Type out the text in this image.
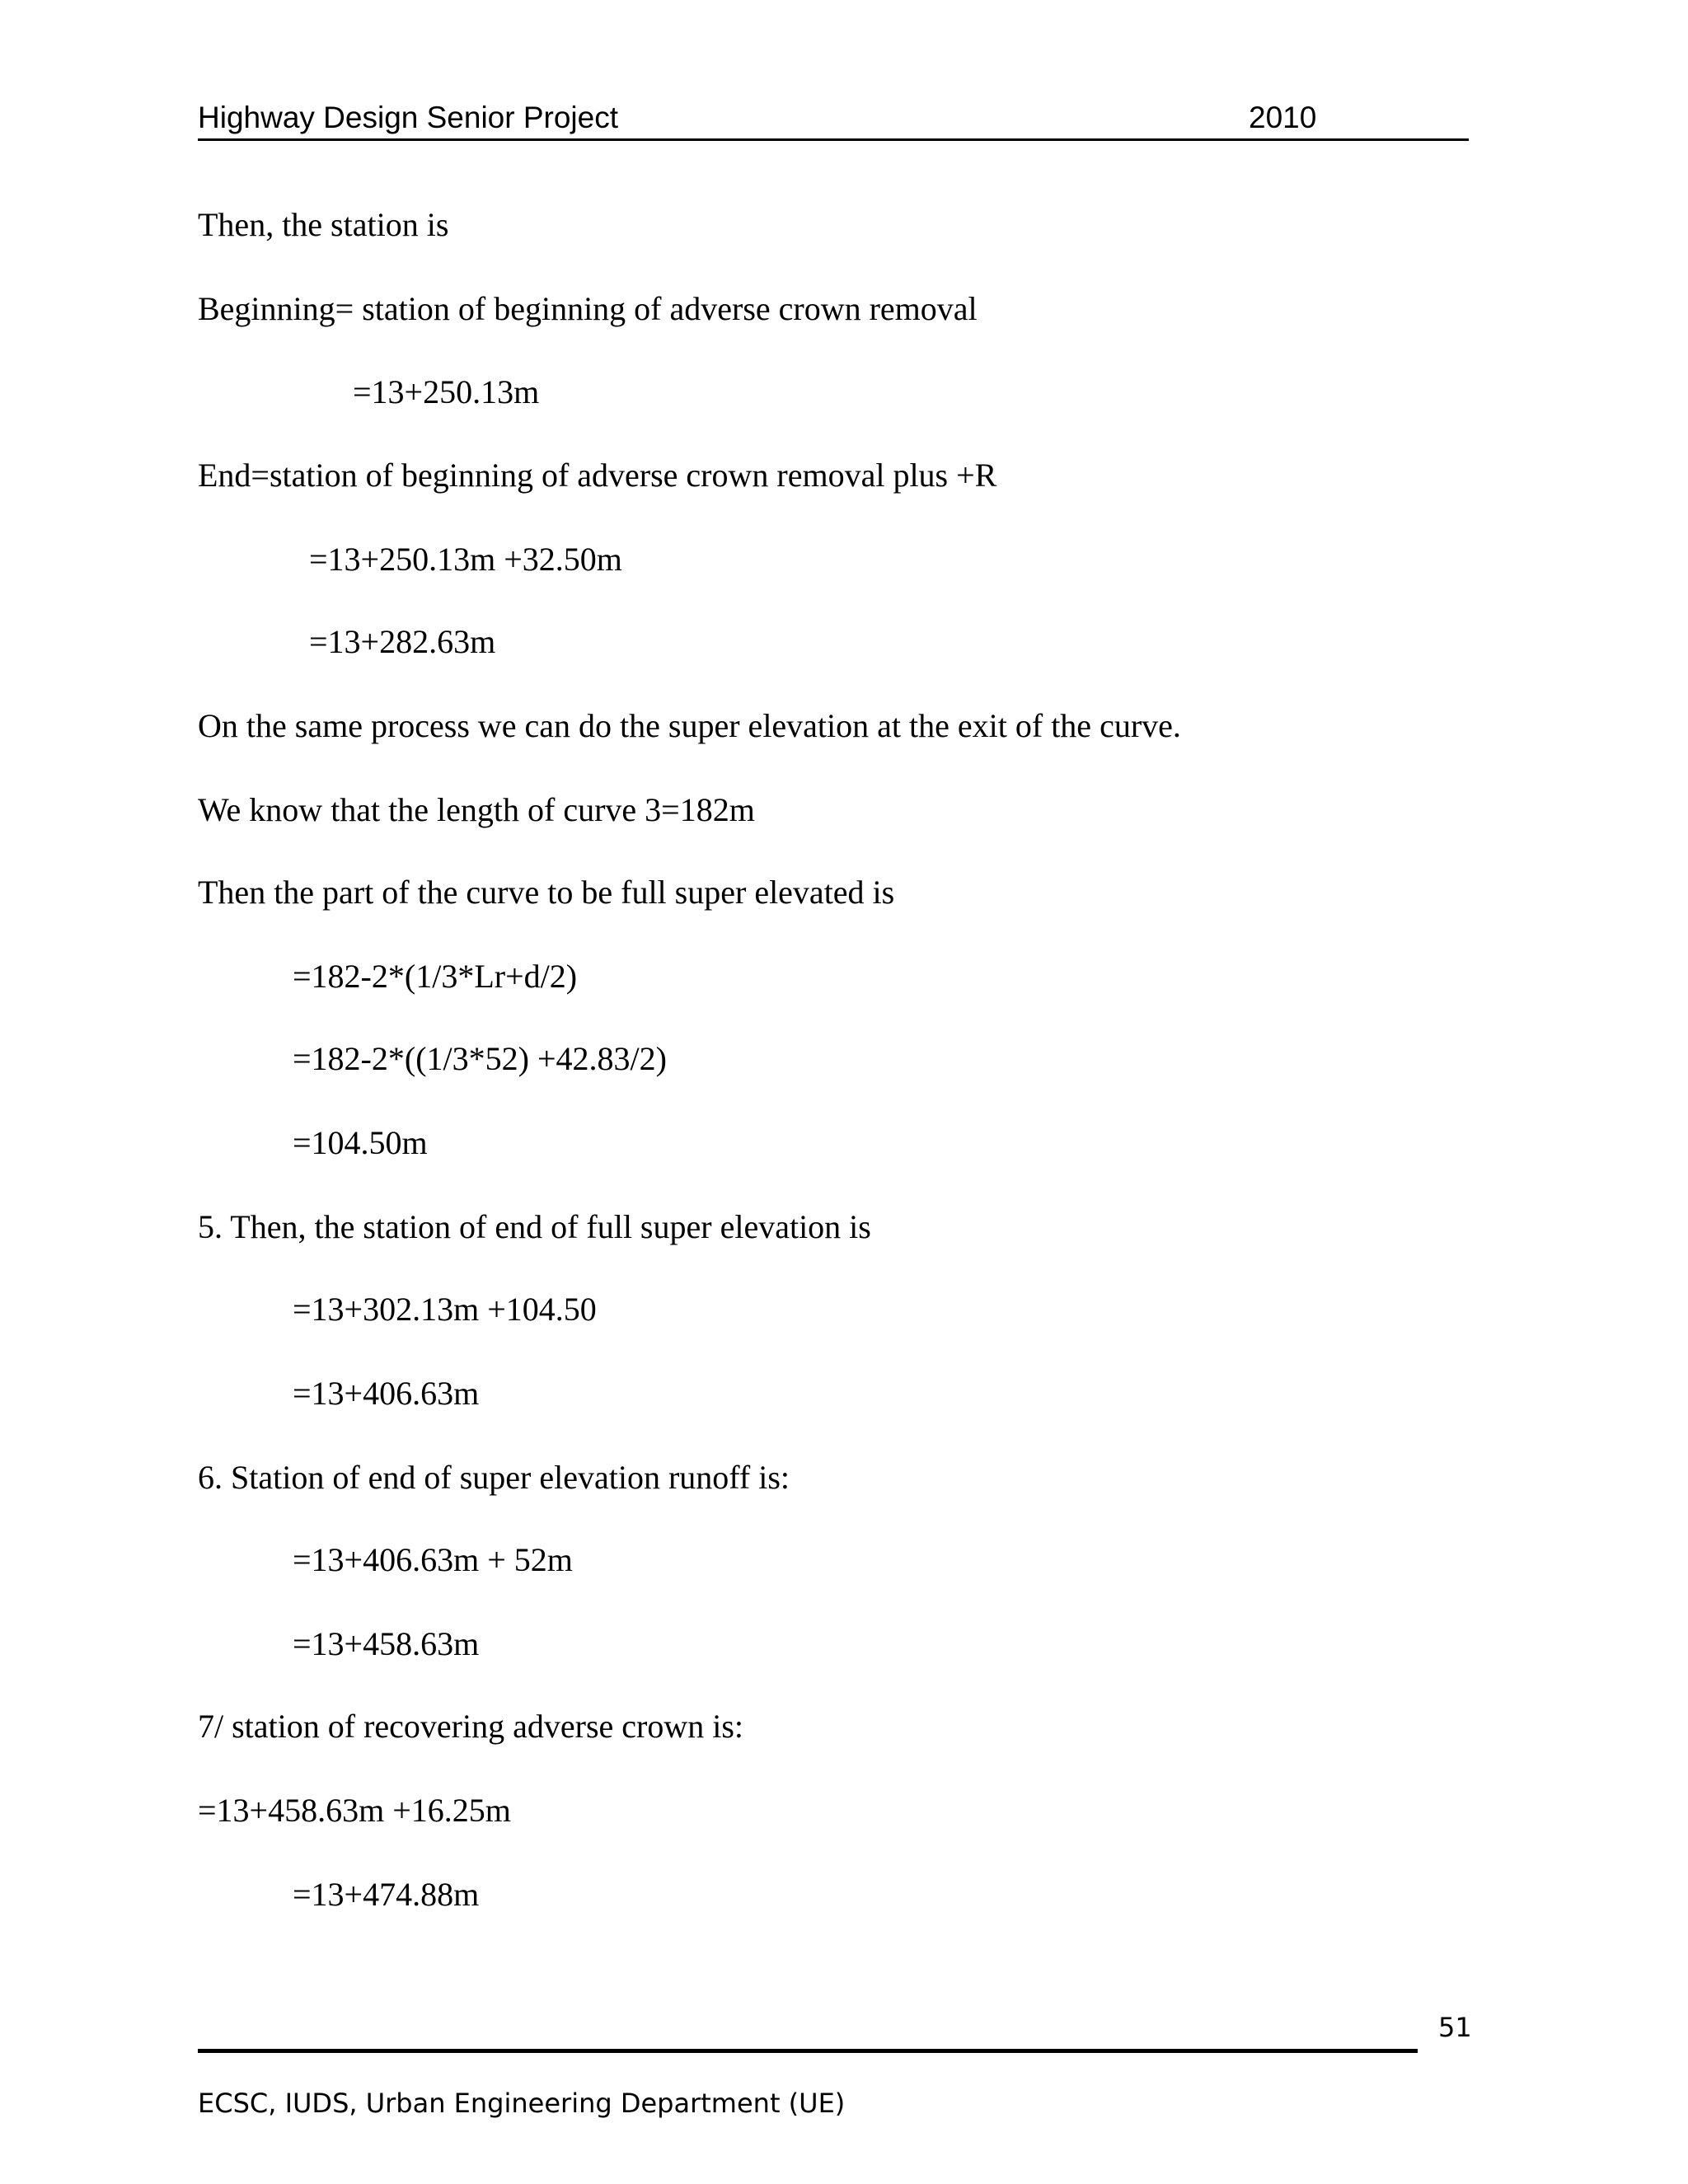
Highway Design Senior Project	2010
Then, the station is
Beginning= station of beginning of adverse crown removal
=13+250.13m
End=station of beginning of adverse crown removal plus +R
=13+250.13m +32.50m
=13+282.63m
On the same process we can do the super elevation at the exit of the curve.
We know that the length of curve 3=182m
Then the part of the curve to be full super elevated is
=182-2*(1/3*Lr+d/2)
=182-2*((1/3*52) +42.83/2)
=104.50m
5. Then, the station of end of full super elevation is
=13+302.13m +104.50
=13+406.63m
6. Station of end of super elevation runoff is:
=13+406.63m + 52m
=13+458.63m
7/ station of recovering adverse crown is:
=13+458.63m +16.25m
=13+474.88m
51
ECSC, IUDS, Urban Engineering Department (UE)
